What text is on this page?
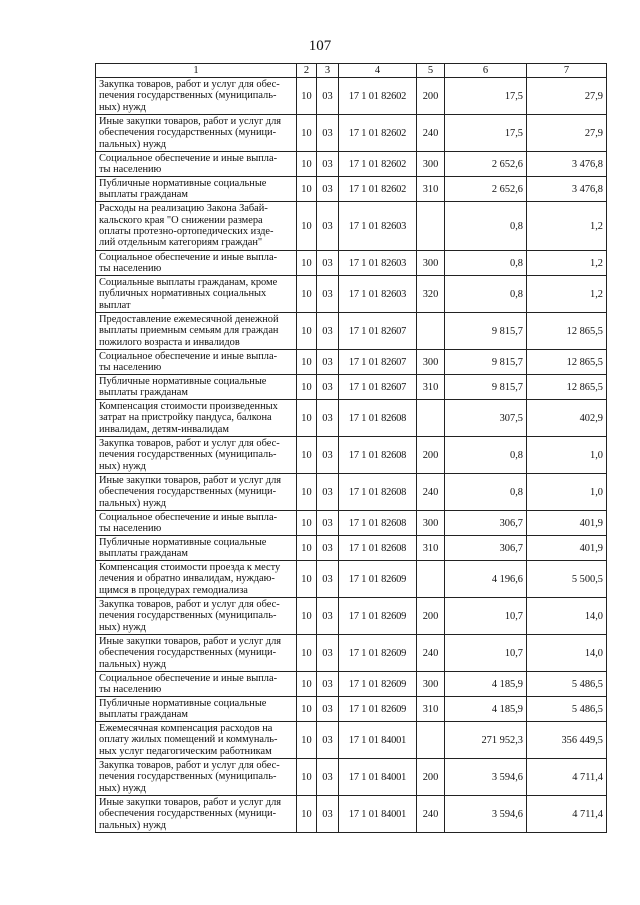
107
1	2	3	4	5	6	7
Закупка товаров, работ и услуг для обес-
печения государственных (муниципаль-
ных) нужд	10	03	17 1 01 82602	200	17,5	27,9
Иные закупки товаров, работ и услуг для
обеспечения государственных (муници-
пальных) нужд	10	03	17 1 01 82602	240	17,5	27,9
Социальное обеспечение и иные выпла-
ты населению	10	03	17 1 01 82602	300	2 652,6	3 476,8
Публичные нормативные социальные
выплаты гражданам	10	03	17 1 01 82602	310	2 652,6	3 476,8
Расходы на реализацию Закона Забай-
кальского края "О снижении размера
оплаты протезно-ортопедических изде-
лий отдельным категориям граждан"	10	03	17 1 01 82603		0,8	1,2
Социальное обеспечение и иные выпла-
ты населению	10	03	17 1 01 82603	300	0,8	1,2
Социальные выплаты гражданам, кроме
публичных нормативных социальных
выплат	10	03	17 1 01 82603	320	0,8	1,2
Предоставление ежемесячной денежной
выплаты приемным семьям для граждан
пожилого возраста и инвалидов	10	03	17 1 01 82607		9 815,7	12 865,5
Социальное обеспечение и иные выпла-
ты населению	10	03	17 1 01 82607	300	9 815,7	12 865,5
Публичные нормативные социальные
выплаты гражданам	10	03	17 1 01 82607	310	9 815,7	12 865,5
Компенсация стоимости произведенных
затрат на пристройку пандуса, балкона
инвалидам, детям-инвалидам	10	03	17 1 01 82608		307,5	402,9
Закупка товаров, работ и услуг для обес-
печения государственных (муниципаль-
ных) нужд	10	03	17 1 01 82608	200	0,8	1,0
Иные закупки товаров, работ и услуг для
обеспечения государственных (муници-
пальных) нужд	10	03	17 1 01 82608	240	0,8	1,0
Социальное обеспечение и иные выпла-
ты населению	10	03	17 1 01 82608	300	306,7	401,9
Публичные нормативные социальные
выплаты гражданам	10	03	17 1 01 82608	310	306,7	401,9
Компенсация стоимости проезда к месту
лечения и обратно инвалидам, нуждаю-
щимся в процедурах гемодиализа	10	03	17 1 01 82609		4 196,6	5 500,5
Закупка товаров, работ и услуг для обес-
печения государственных (муниципаль-
ных) нужд	10	03	17 1 01 82609	200	10,7	14,0
Иные закупки товаров, работ и услуг для
обеспечения государственных (муници-
пальных) нужд	10	03	17 1 01 82609	240	10,7	14,0
Социальное обеспечение и иные выпла-
ты населению	10	03	17 1 01 82609	300	4 185,9	5 486,5
Публичные нормативные социальные
выплаты гражданам	10	03	17 1 01 82609	310	4 185,9	5 486,5
Ежемесячная компенсация расходов на
оплату жилых помещений и коммуналь-
ных услуг педагогическим работникам	10	03	17 1 01 84001		271 952,3	356 449,5
Закупка товаров, работ и услуг для обес-
печения государственных (муниципаль-
ных) нужд	10	03	17 1 01 84001	200	3 594,6	4 711,4
Иные закупки товаров, работ и услуг для
обеспечения государственных (муници-
пальных) нужд	10	03	17 1 01 84001	240	3 594,6	4 711,4
